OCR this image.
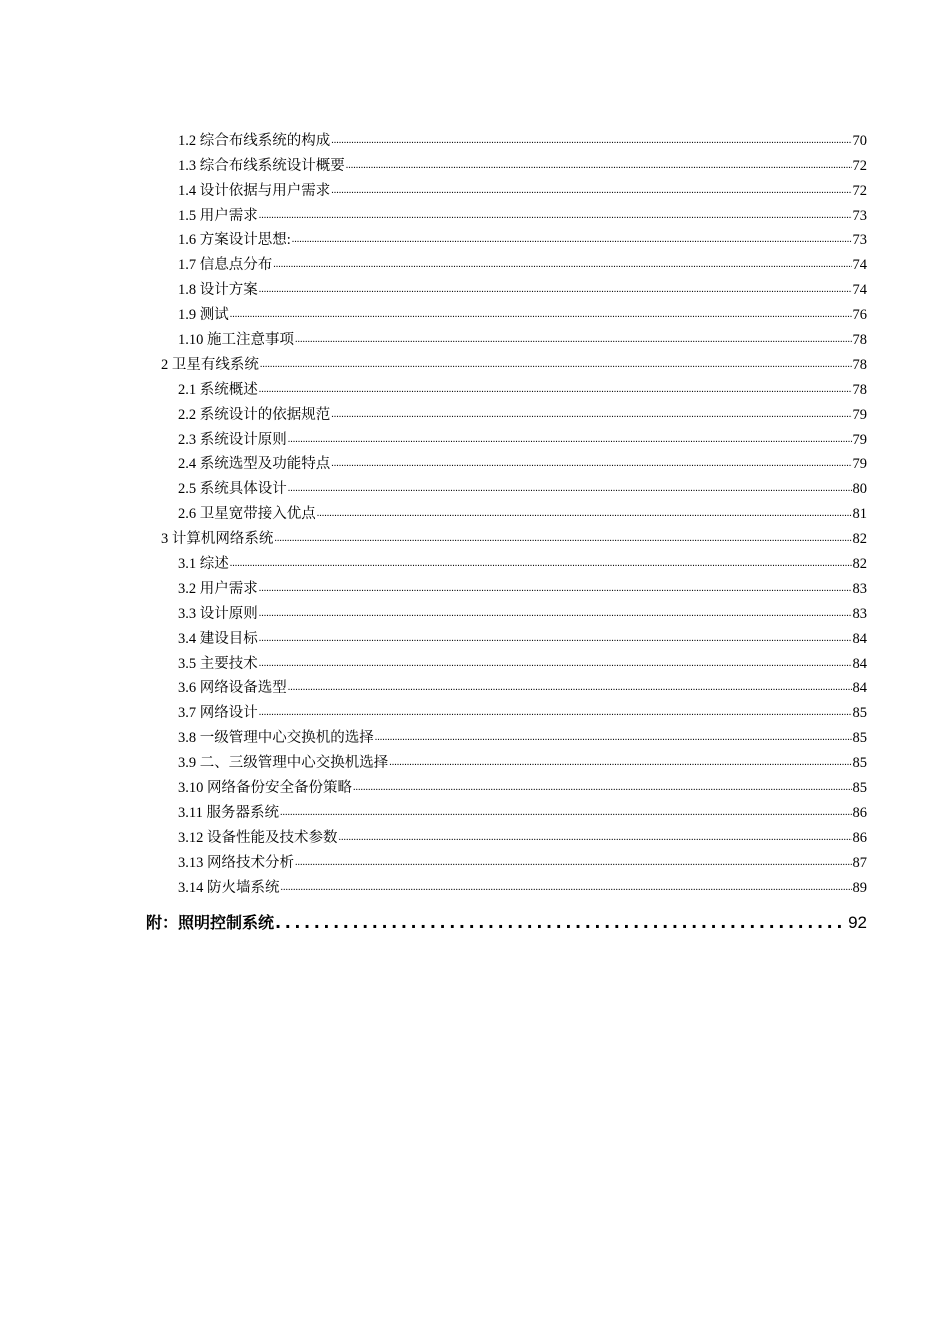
1.2 综合布线系统的构成 .....	70
1.3 综合布线系统设计概要 .....	72
1.4 设计依据与用户需求 .....	72
1.5 用户需求 .....	73
1.6 方案设计思想: .....	73
1.7 信息点分布 .....	74
1.8 设计方案 .....	74
1.9 测试 .....	76
1.10 施工注意事项 .....	78
2 卫星有线系统 .....	78
2.1 系统概述 .....	78
2.2 系统设计的依据规范 .....	79
2.3 系统设计原则 .....	79
2.4 系统选型及功能特点 .....	79
2.5 系统具体设计 .....	80
2.6 卫星宽带接入优点 .....	81
3 计算机网络系统 .....	82
3.1 综述 .....	82
3.2 用户需求 .....	83
3.3 设计原则 .....	83
3.4 建设目标 .....	84
3.5 主要技术 .....	84
3.6 网络设备选型 .....	84
3.7 网络设计 .....	85
3.8 一级管理中心交换机的选择 .....	85
3.9 二、三级管理中心交换机选择 .....	85
3.10 网络备份安全备份策略 .....	85
3.11 服务器系统 .....	86
3.12 设备性能及技术参数 .....	86
3.13 网络技术分析 .....	87
3.14 防火墙系统 .....	89
附：照明控制系统 .....	92
